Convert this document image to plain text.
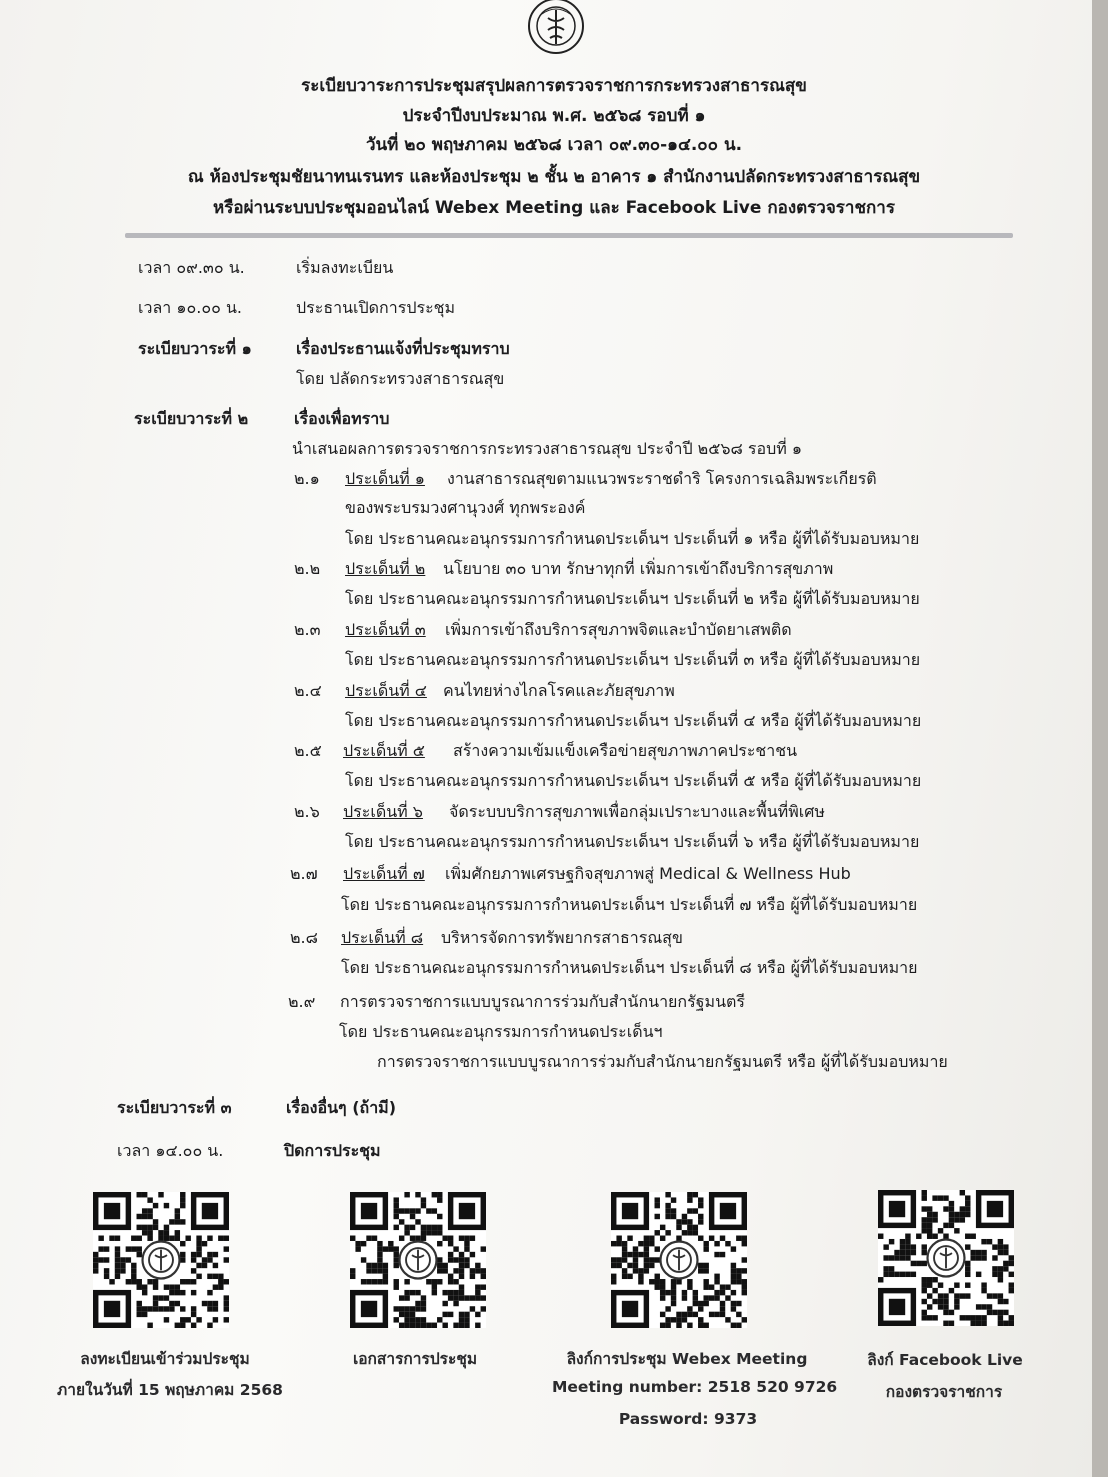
ระเบียบวาระการประชุมสรุปผลการตรวจราชการกระทรวงสาธารณสุข
ประจำปีงบประมาณ พ.ศ. ๒๕๖๘ รอบที่ ๑
วันที่ ๒๐ พฤษภาคม ๒๕๖๘ เวลา ๐๙.๓๐-๑๔.๐๐ น.
ณ ห้องประชุมชัยนาทนเรนทร และห้องประชุม ๒ ชั้น ๒ อาคาร ๑ สำนักงานปลัดกระทรวงสาธารณสุข
หรือผ่านระบบประชุมออนไลน์ Webex Meeting และ Facebook Live กองตรวจราชการ
เวลา ๐๙.๓๐ น.	เริ่มลงทะเบียน
เวลา ๑๐.๐๐ น.	ประธานเปิดการประชุม
ระเบียบวาระที่ ๑	เรื่องประธานแจ้งที่ประชุมทราบ
โดย ปลัดกระทรวงสาธารณสุข
ระเบียบวาระที่ ๒	เรื่องเพื่อทราบ
นำเสนอผลการตรวจราชการกระทรวงสาธารณสุข ประจำปี ๒๕๖๘ รอบที่ ๑
๒.๑ ประเด็นที่ ๑ งานสาธารณสุขตามแนวพระราชดำริ โครงการเฉลิมพระเกียรติ
ของพระบรมวงศานุวงศ์ ทุกพระองค์
โดย ประธานคณะอนุกรรมการกำหนดประเด็นฯ ประเด็นที่ ๑ หรือ ผู้ที่ได้รับมอบหมาย
๒.๒ ประเด็นที่ ๒ นโยบาย ๓๐ บาท รักษาทุกที่ เพิ่มการเข้าถึงบริการสุขภาพ
โดย ประธานคณะอนุกรรมการกำหนดประเด็นฯ ประเด็นที่ ๒ หรือ ผู้ที่ได้รับมอบหมาย
๒.๓ ประเด็นที่ ๓ เพิ่มการเข้าถึงบริการสุขภาพจิตและบำบัดยาเสพติด
โดย ประธานคณะอนุกรรมการกำหนดประเด็นฯ ประเด็นที่ ๓ หรือ ผู้ที่ได้รับมอบหมาย
๒.๔ ประเด็นที่ ๔ คนไทยห่างไกลโรคและภัยสุขภาพ
โดย ประธานคณะอนุกรรมการกำหนดประเด็นฯ ประเด็นที่ ๔ หรือ ผู้ที่ได้รับมอบหมาย
๒.๕ ประเด็นที่ ๕ สร้างความเข้มแข็งเครือข่ายสุขภาพภาคประชาชน
โดย ประธานคณะอนุกรรมการกำหนดประเด็นฯ ประเด็นที่ ๕ หรือ ผู้ที่ได้รับมอบหมาย
๒.๖ ประเด็นที่ ๖ จัดระบบบริการสุขภาพเพื่อกลุ่มเปราะบางและพื้นที่พิเศษ
โดย ประธานคณะอนุกรรมการกำหนดประเด็นฯ ประเด็นที่ ๖ หรือ ผู้ที่ได้รับมอบหมาย
๒.๗ ประเด็นที่ ๗ เพิ่มศักยภาพเศรษฐกิจสุขภาพสู่ Medical & Wellness Hub
โดย ประธานคณะอนุกรรมการกำหนดประเด็นฯ ประเด็นที่ ๗ หรือ ผู้ที่ได้รับมอบหมาย
๒.๘ ประเด็นที่ ๘ บริหารจัดการทรัพยากรสาธารณสุข
โดย ประธานคณะอนุกรรมการกำหนดประเด็นฯ ประเด็นที่ ๘ หรือ ผู้ที่ได้รับมอบหมาย
๒.๙ การตรวจราชการแบบบูรณาการร่วมกับสำนักนายกรัฐมนตรี
โดย ประธานคณะอนุกรรมการกำหนดประเด็นฯ
การตรวจราชการแบบบูรณาการร่วมกับสำนักนายกรัฐมนตรี หรือ ผู้ที่ได้รับมอบหมาย
ระเบียบวาระที่ ๓	เรื่องอื่นๆ (ถ้ามี)
เวลา ๑๔.๐๐ น.	ปิดการประชุม
ลงทะเบียนเข้าร่วมประชุม
ภายในวันที่ 15 พฤษภาคม 2568
เอกสารการประชุม	ลิงก์การประชุม Webex Meeting
Meeting number: 2518 520 9726
Password: 9373
ลิงก์ Facebook Live
กองตรวจราชการ
